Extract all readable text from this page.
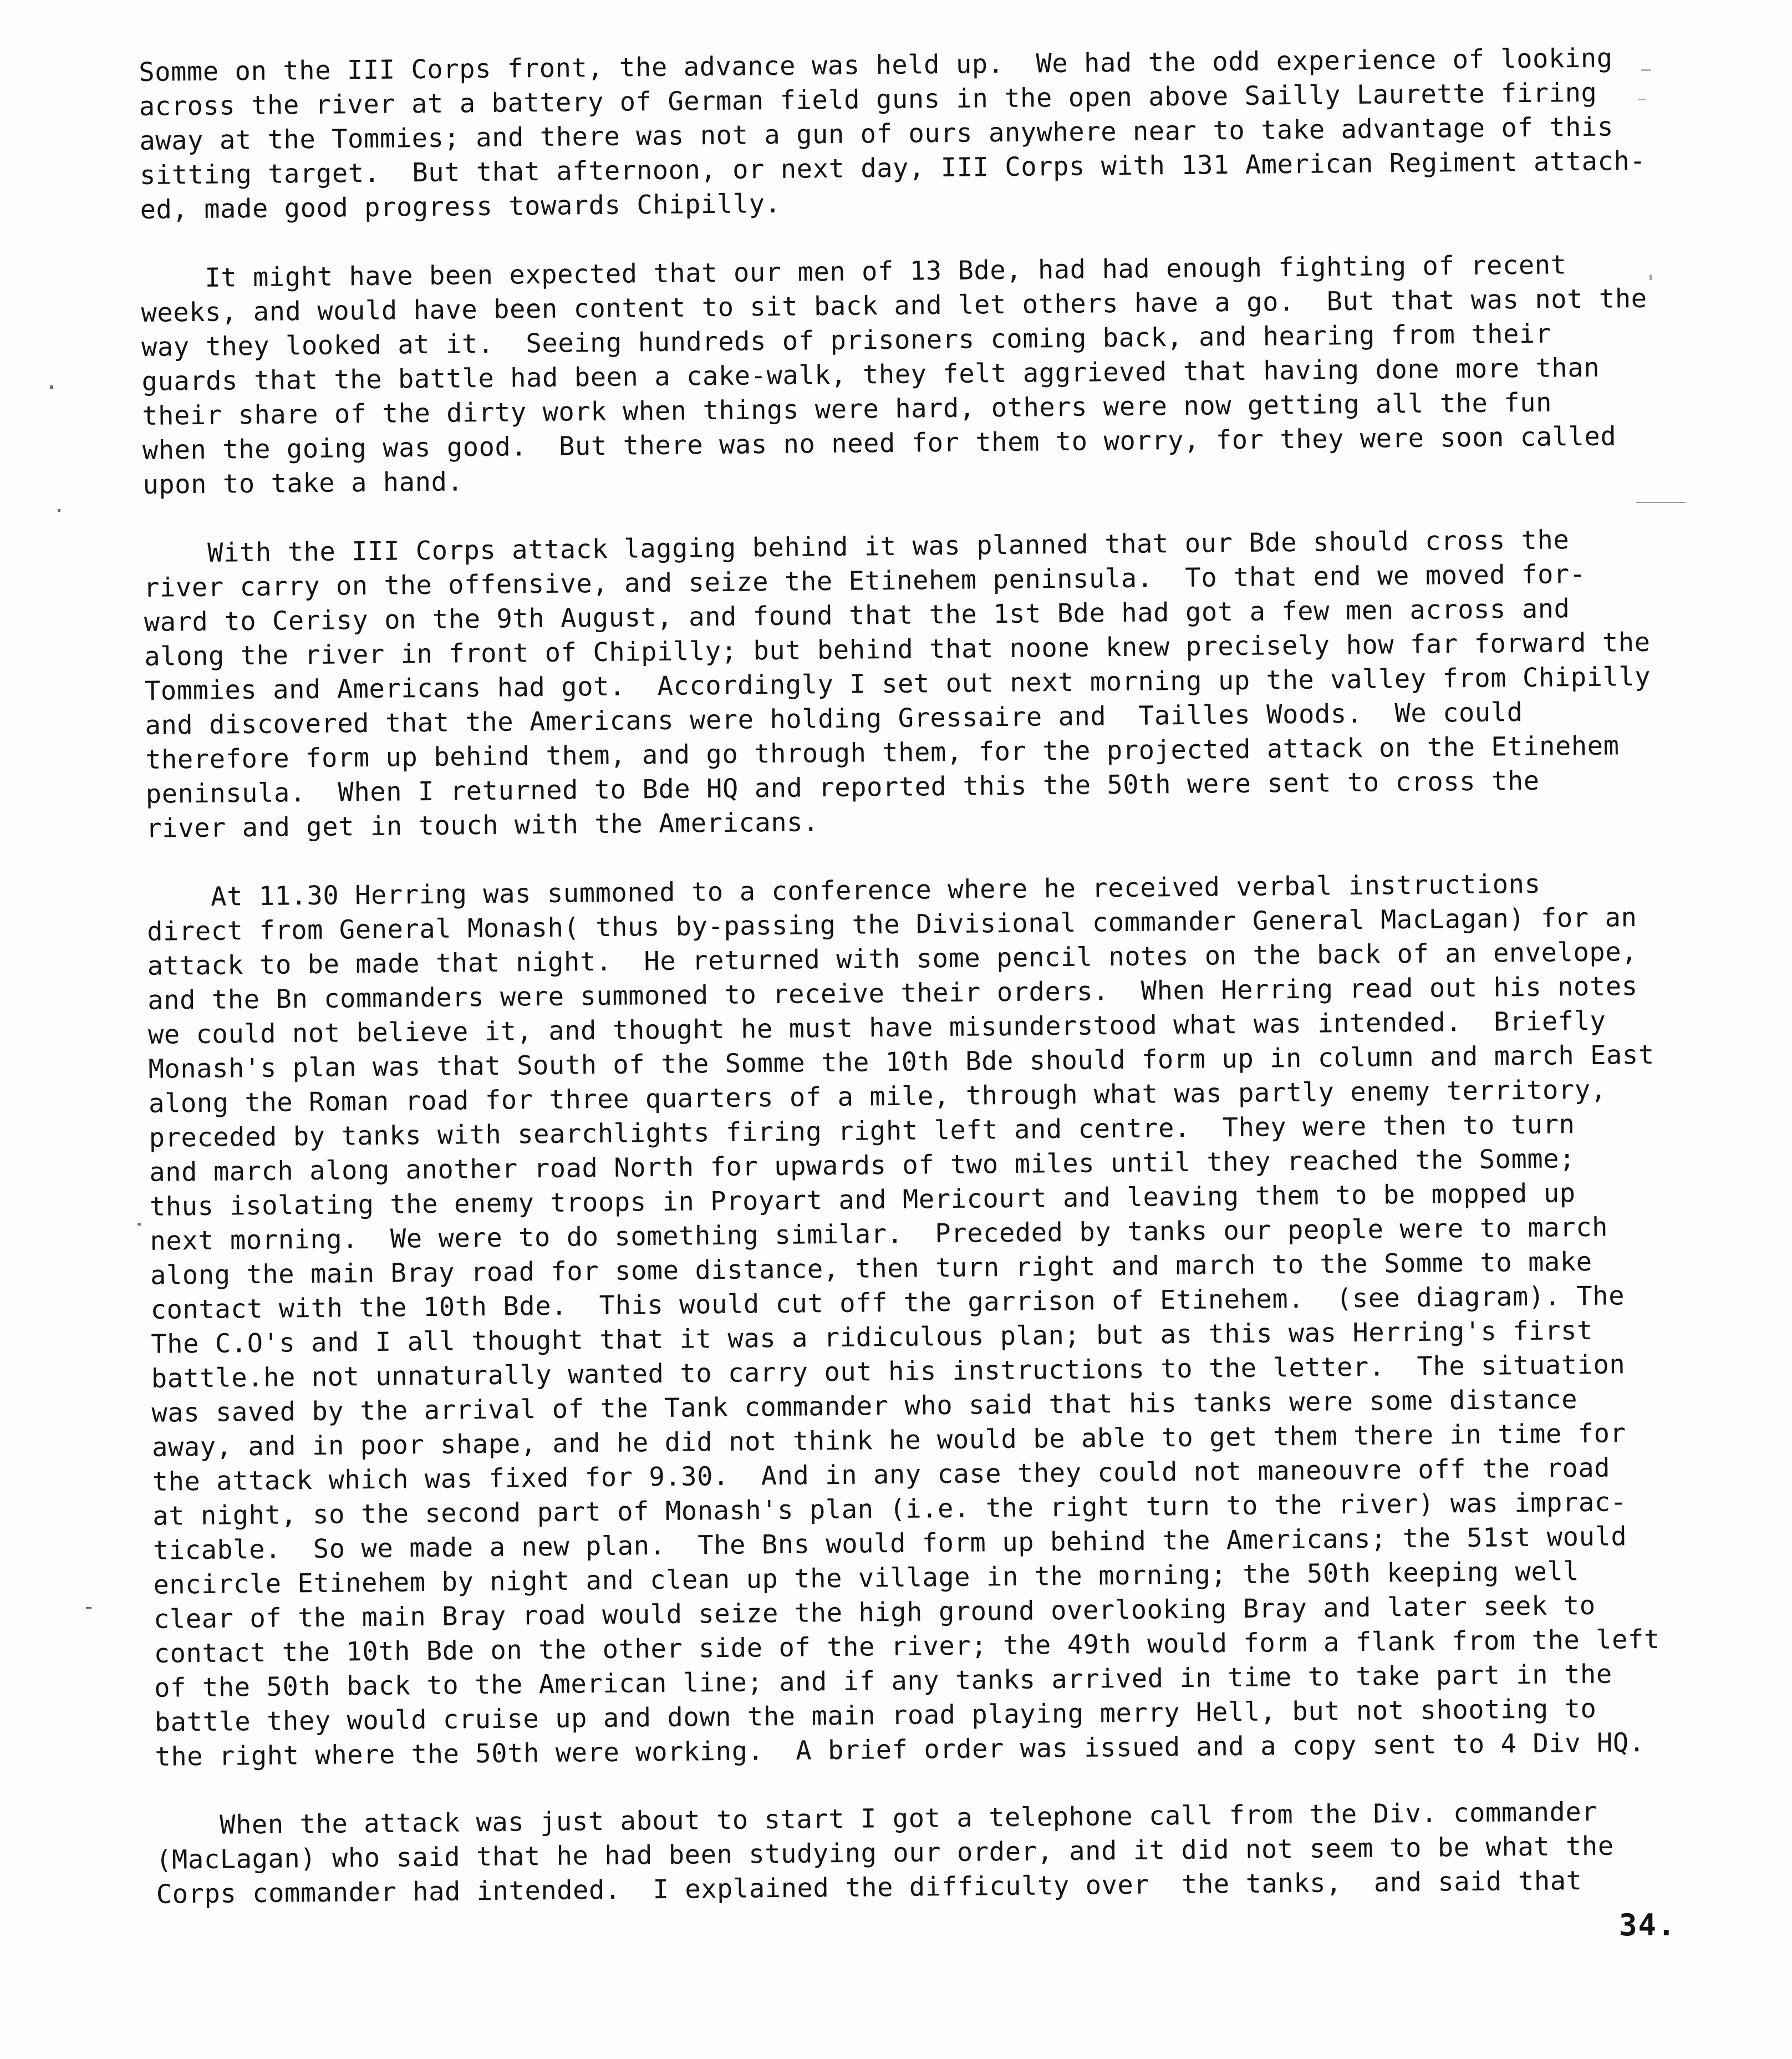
Somme on the III Corps front, the advance was held up.  We had the odd experience of looking
across the river at a battery of German field guns in the open above Sailly Laurette firing
away at the Tommies; and there was not a gun of ours anywhere near to take advantage of this
sitting target.  But that afternoon, or next day, III Corps with 131 American Regiment attach-
ed, made good progress towards Chipilly.
It might have been expected that our men of 13 Bde, had had enough fighting of recent
weeks, and would have been content to sit back and let others have a go.  But that was not the
way they looked at it.  Seeing hundreds of prisoners coming back, and hearing from their
guards that the battle had been a cake-walk, they felt aggrieved that having done more than
their share of the dirty work when things were hard, others were now getting all the fun
when the going was good.  But there was no need for them to worry, for they were soon called
upon to take a hand.
With the III Corps attack lagging behind it was planned that our Bde should cross the
river carry on the offensive, and seize the Etinehem peninsula.  To that end we moved for-
ward to Cerisy on the 9th August, and found that the 1st Bde had got a few men across and
along the river in front of Chipilly; but behind that noone knew precisely how far forward the
Tommies and Americans had got.  Accordingly I set out next morning up the valley from Chipilly
and discovered that the Americans were holding Gressaire and  Tailles Woods.  We could
therefore form up behind them, and go through them, for the projected attack on the Etinehem
peninsula.  When I returned to Bde HQ and reported this the 50th were sent to cross the
river and get in touch with the Americans.
At 11.30 Herring was summoned to a conference where he received verbal instructions
direct from General Monash( thus by-passing the Divisional commander General MacLagan) for an
attack to be made that night.  He returned with some pencil notes on the back of an envelope,
and the Bn commanders were summoned to receive their orders.  When Herring read out his notes
we could not believe it, and thought he must have misunderstood what was intended.  Briefly
Monash's plan was that South of the Somme the 10th Bde should form up in column and march East
along the Roman road for three quarters of a mile, through what was partly enemy territory,
preceded by tanks with searchlights firing right left and centre.  They were then to turn
and march along another road North for upwards of two miles until they reached the Somme;
thus isolating the enemy troops in Proyart and Mericourt and leaving them to be mopped up
next morning.  We were to do something similar.  Preceded by tanks our people were to march
along the main Bray road for some distance, then turn right and march to the Somme to make
contact with the 10th Bde.  This would cut off the garrison of Etinehem.  (see diagram). The
The C.O's and I all thought that it was a ridiculous plan; but as this was Herring's first
battle.he not unnaturally wanted to carry out his instructions to the letter.  The situation
was saved by the arrival of the Tank commander who said that his tanks were some distance
away, and in poor shape, and he did not think he would be able to get them there in time for
the attack which was fixed for 9.30.  And in any case they could not maneouvre off the road
at night, so the second part of Monash's plan (i.e. the right turn to the river) was imprac-
ticable.  So we made a new plan.  The Bns would form up behind the Americans; the 51st would
encircle Etinehem by night and clean up the village in the morning; the 50th keeping well
clear of the main Bray road would seize the high ground overlooking Bray and later seek to
contact the 10th Bde on the other side of the river; the 49th would form a flank from the left
of the 50th back to the American line; and if any tanks arrived in time to take part in the
battle they would cruise up and down the main road playing merry Hell, but not shooting to
the right where the 50th were working.  A brief order was issued and a copy sent to 4 Div HQ.
When the attack was just about to start I got a telephone call from the Div. commander
(MacLagan) who said that he had been studying our order, and it did not seem to be what the
Corps commander had intended.  I explained the difficulty over  the tanks,  and said that
34.
